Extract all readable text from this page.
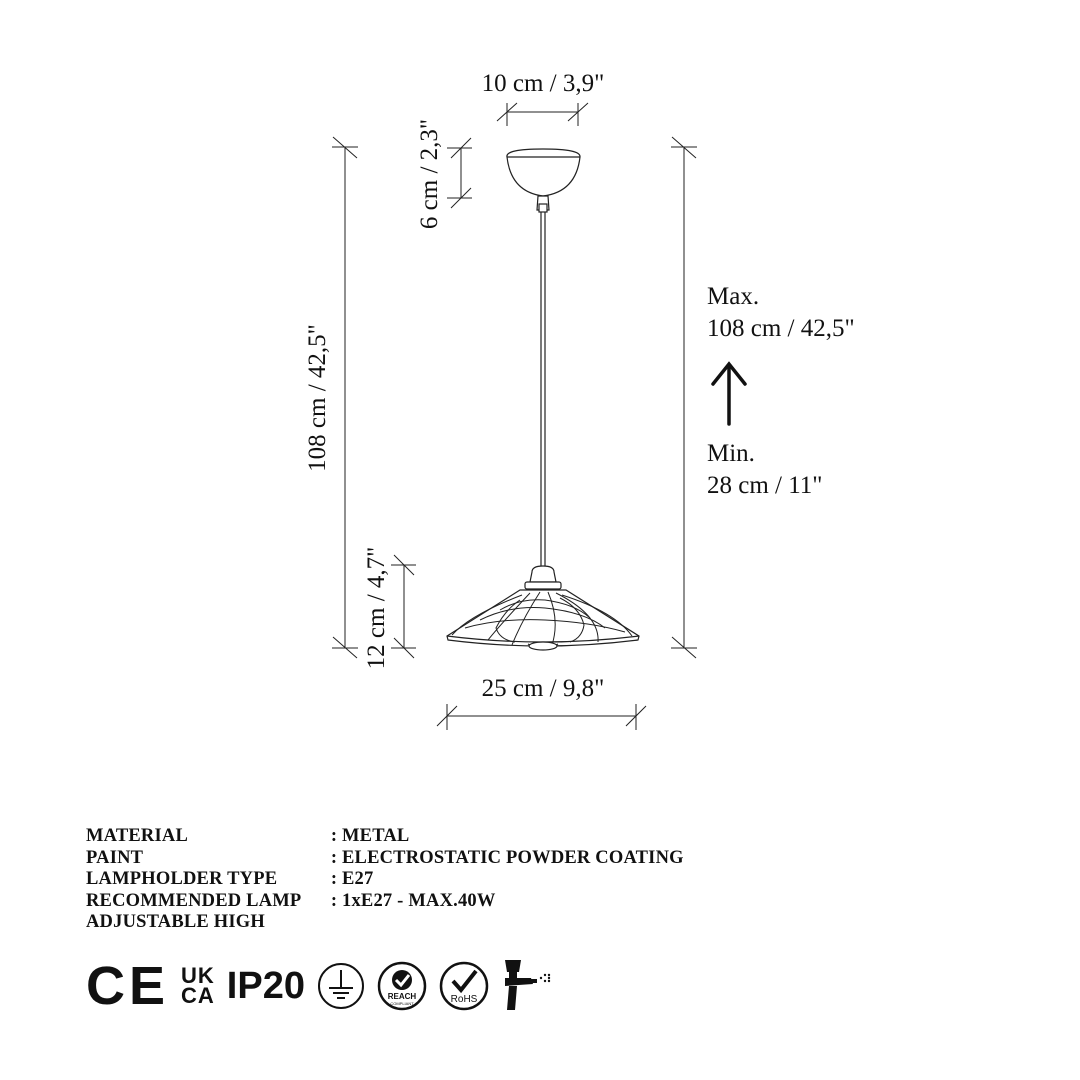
10 cm / 3,9"
6 cm / 2,3"
108 cm / 42,5"
12 cm / 4,7"
25 cm / 9,8"
Max.
108 cm / 42,5"
Min.
28 cm / 11"
MATERIAL	: METAL
PAINT	: ELECTROSTATIC POWDER COATING
LAMPHOLDER TYPE	: E27
RECOMMENDED LAMP	: 1xE27 - MAX.40W
ADJUSTABLE HIGH
CE UK
CA IP20	REACH
COMPLIANT	RoHS
